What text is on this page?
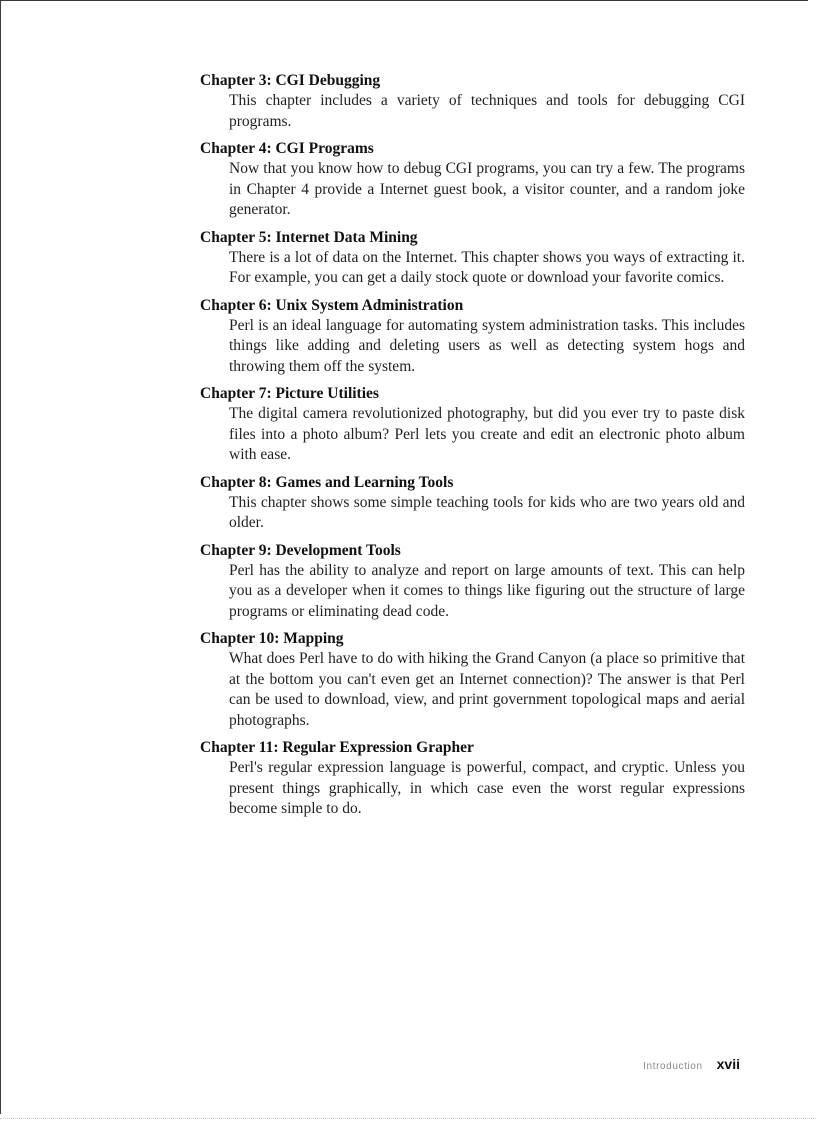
Chapter 3: CGI Debugging

This chapter includes a variety of techniques and tools for debugging CGI programs.

Chapter 4: CGI Programs

Now that you know how to debug CGI programs, you can try a few. The programs in Chapter 4 provide a Internet guest book, a visitor counter, and a random joke generator.

Chapter 5: Internet Data Mining

There is a lot of data on the Internet. This chapter shows you ways of extracting it. For example, you can get a daily stock quote or download your favorite comics.

Chapter 6: Unix System Administration

Perl is an ideal language for automating system administration tasks. This includes things like adding and deleting users as well as detecting system hogs and throwing them off the system.

Chapter 7: Picture Utilities

The digital camera revolutionized photography, but did you ever try to paste disk files into a photo album? Perl lets you create and edit an electronic photo album with ease.

Chapter 8: Games and Learning Tools

This chapter shows some simple teaching tools for kids who are two years old and older.

Chapter 9: Development Tools

Perl has the ability to analyze and report on large amounts of text. This can help you as a developer when it comes to things like figuring out the structure of large programs or eliminating dead code.

Chapter 10: Mapping

What does Perl have to do with hiking the Grand Canyon (a place so primitive that at the bottom you can't even get an Internet connection)? The answer is that Perl can be used to download, view, and print government topological maps and aerial photographs.

Chapter 11: Regular Expression Grapher

Perl's regular expression language is powerful, compact, and cryptic. Unless you present things graphically, in which case even the worst regular expressions become simple to do.

Introduction xvii
